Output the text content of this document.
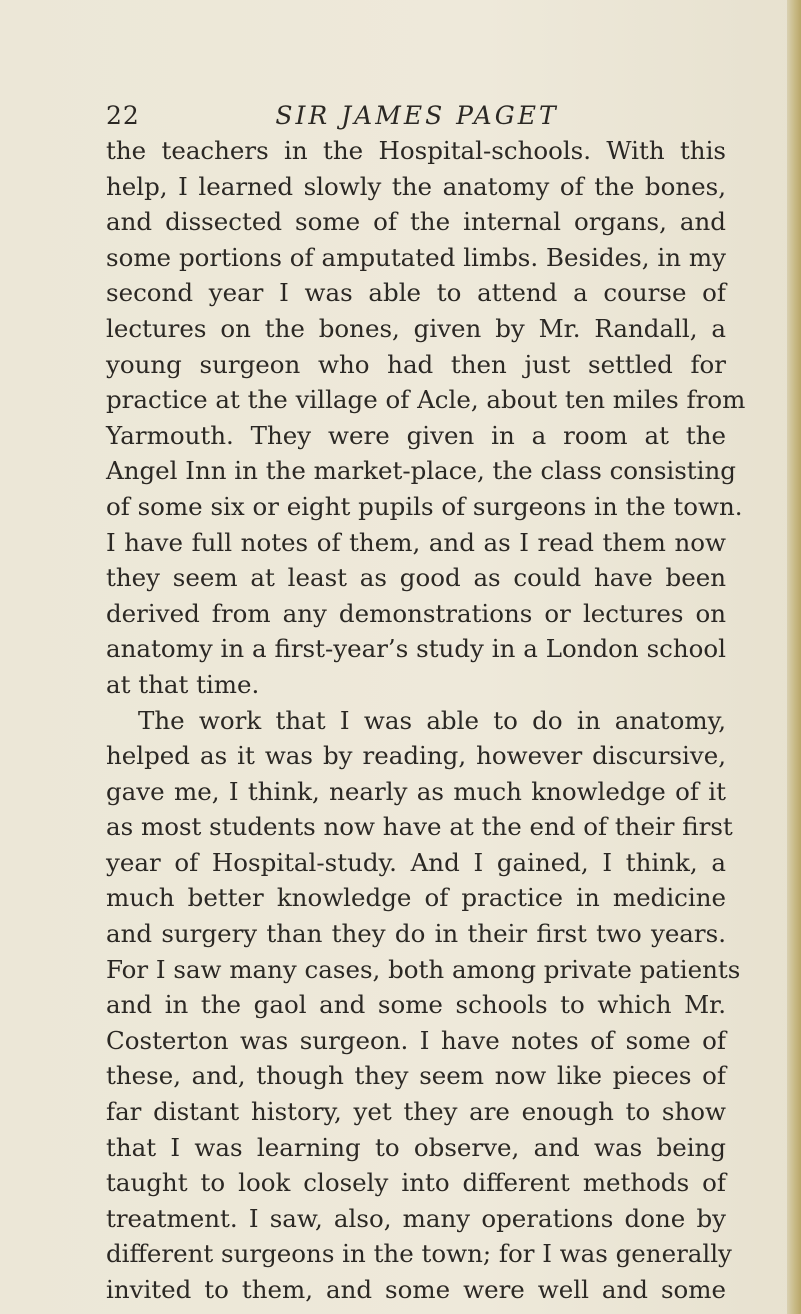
22	SIR JAMES PAGET
the teachers in the Hospital-schools. With this
help, I learned slowly the anatomy of the bones,
and dissected some of the internal organs, and
some portions of amputated limbs. Besides, in my
second year I was able to attend a course of
lectures on the bones, given by Mr. Randall, a
young surgeon who had then just settled for
practice at the village of Acle, about ten miles from
Yarmouth. They were given in a room at the
Angel Inn in the market-place, the class consisting
of some six or eight pupils of surgeons in the town.
I have full notes of them, and as I read them now
they seem at least as good as could have been
derived from any demonstrations or lectures on
anatomy in a first-year’s study in a London school
at that time.
The work that I was able to do in anatomy,
helped as it was by reading, however discursive,
gave me, I think, nearly as much knowledge of it
as most students now have at the end of their first
year of Hospital-study. And I gained, I think, a
much better knowledge of practice in medicine
and surgery than they do in their first two years.
For I saw many cases, both among private patients
and in the gaol and some schools to which Mr.
Costerton was surgeon. I have notes of some of
these, and, though they seem now like pieces of
far distant history, yet they are enough to show
that I was learning to observe, and was being
taught to look closely into different methods of
treatment. I saw, also, many operations done by
different surgeons in the town; for I was generally
invited to them, and some were well and some
